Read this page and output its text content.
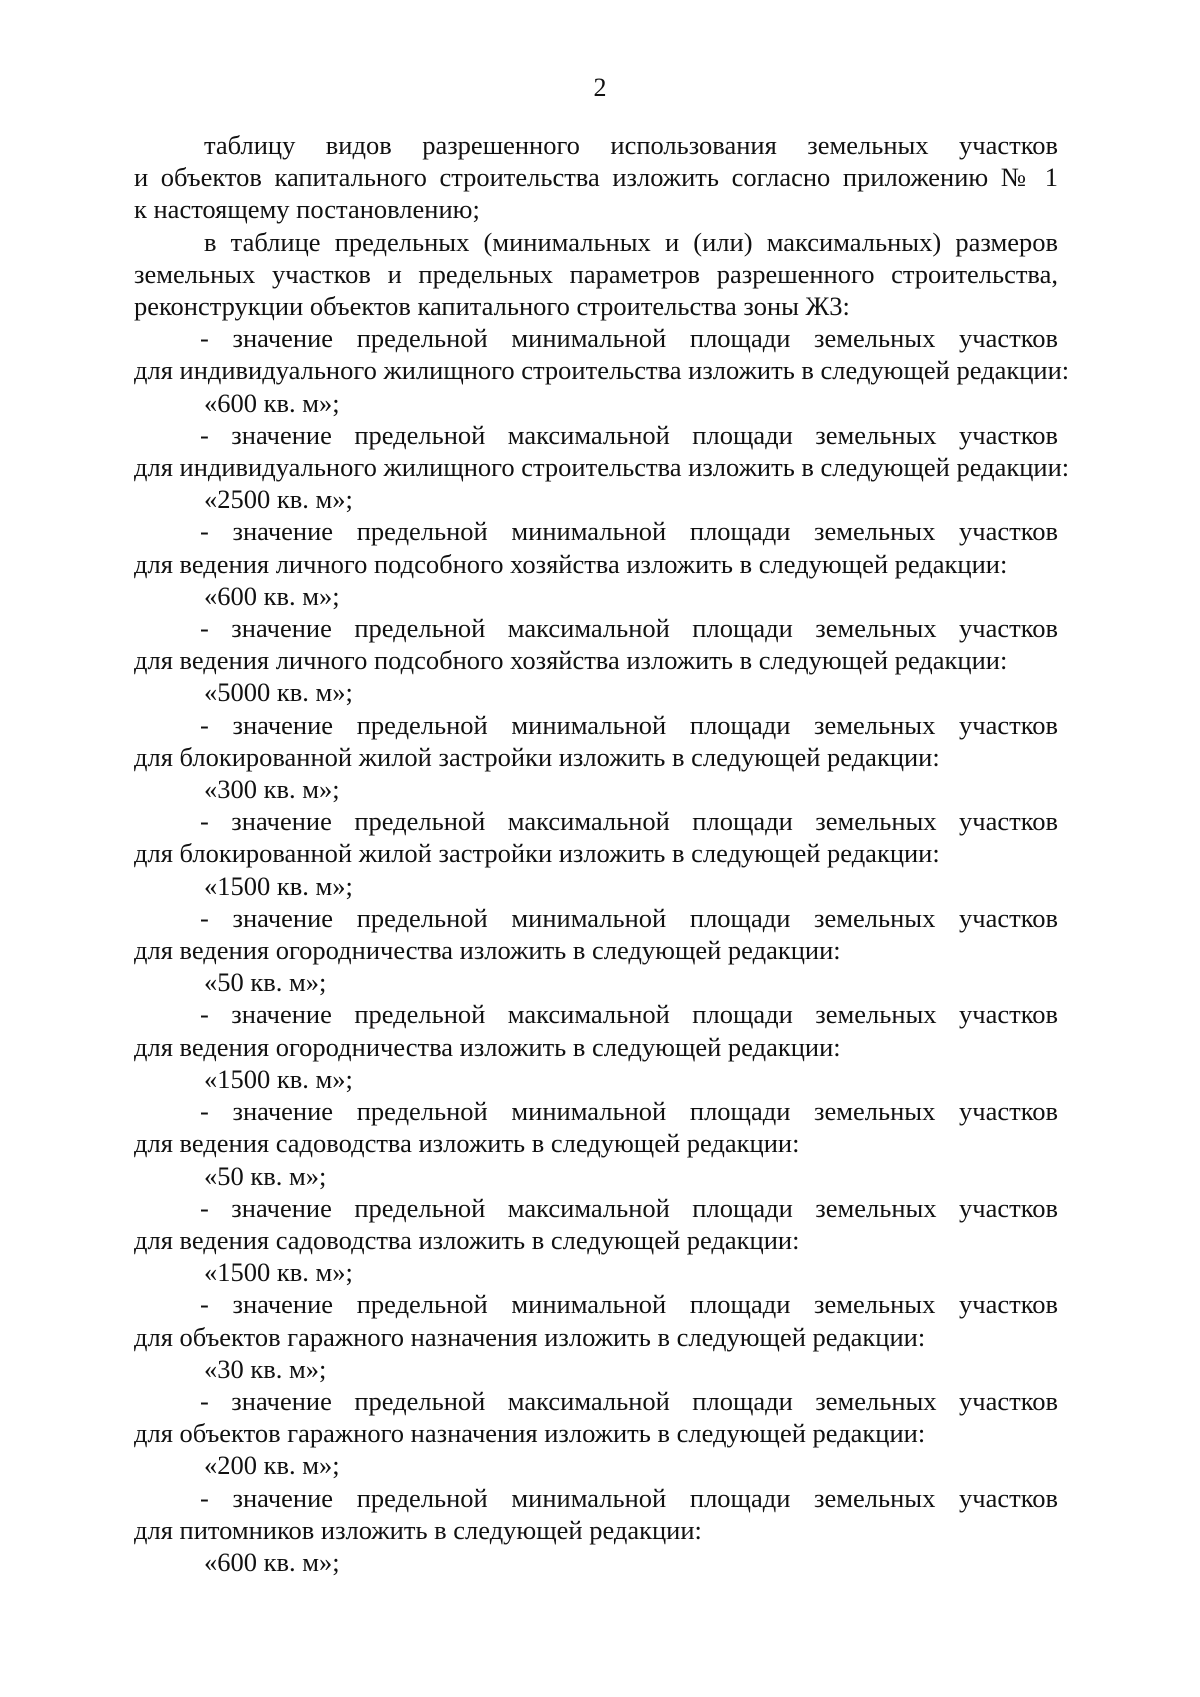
2
таблицу видов разрешенного использования земельных участков
и объектов капитального строительства изложить согласно приложению № 1
к настоящему постановлению;
в таблице предельных (минимальных и (или) максимальных) размеров
земельных участков и предельных параметров разрешенного строительства,
реконструкции объектов капитального строительства зоны Ж3:
- значение предельной минимальной площади земельных участков
для индивидуального жилищного строительства изложить в следующей редакции:
«600 кв. м»;
- значение предельной максимальной площади земельных участков
для индивидуального жилищного строительства изложить в следующей редакции:
«2500 кв. м»;
- значение предельной минимальной площади земельных участков
для ведения личного подсобного хозяйства изложить в следующей редакции:
«600 кв. м»;
- значение предельной максимальной площади земельных участков
для ведения личного подсобного хозяйства изложить в следующей редакции:
«5000 кв. м»;
- значение предельной минимальной площади земельных участков
для блокированной жилой застройки изложить в следующей редакции:
«300 кв. м»;
- значение предельной максимальной площади земельных участков
для блокированной жилой застройки изложить в следующей редакции:
«1500 кв. м»;
- значение предельной минимальной площади земельных участков
для ведения огородничества изложить в следующей редакции:
«50 кв. м»;
- значение предельной максимальной площади земельных участков
для ведения огородничества изложить в следующей редакции:
«1500 кв. м»;
- значение предельной минимальной площади земельных участков
для ведения садоводства изложить в следующей редакции:
«50 кв. м»;
- значение предельной максимальной площади земельных участков
для ведения садоводства изложить в следующей редакции:
«1500 кв. м»;
- значение предельной минимальной площади земельных участков
для объектов гаражного назначения изложить в следующей редакции:
«30 кв. м»;
- значение предельной максимальной площади земельных участков
для объектов гаражного назначения изложить в следующей редакции:
«200 кв. м»;
- значение предельной минимальной площади земельных участков
для питомников изложить в следующей редакции:
«600 кв. м»;
